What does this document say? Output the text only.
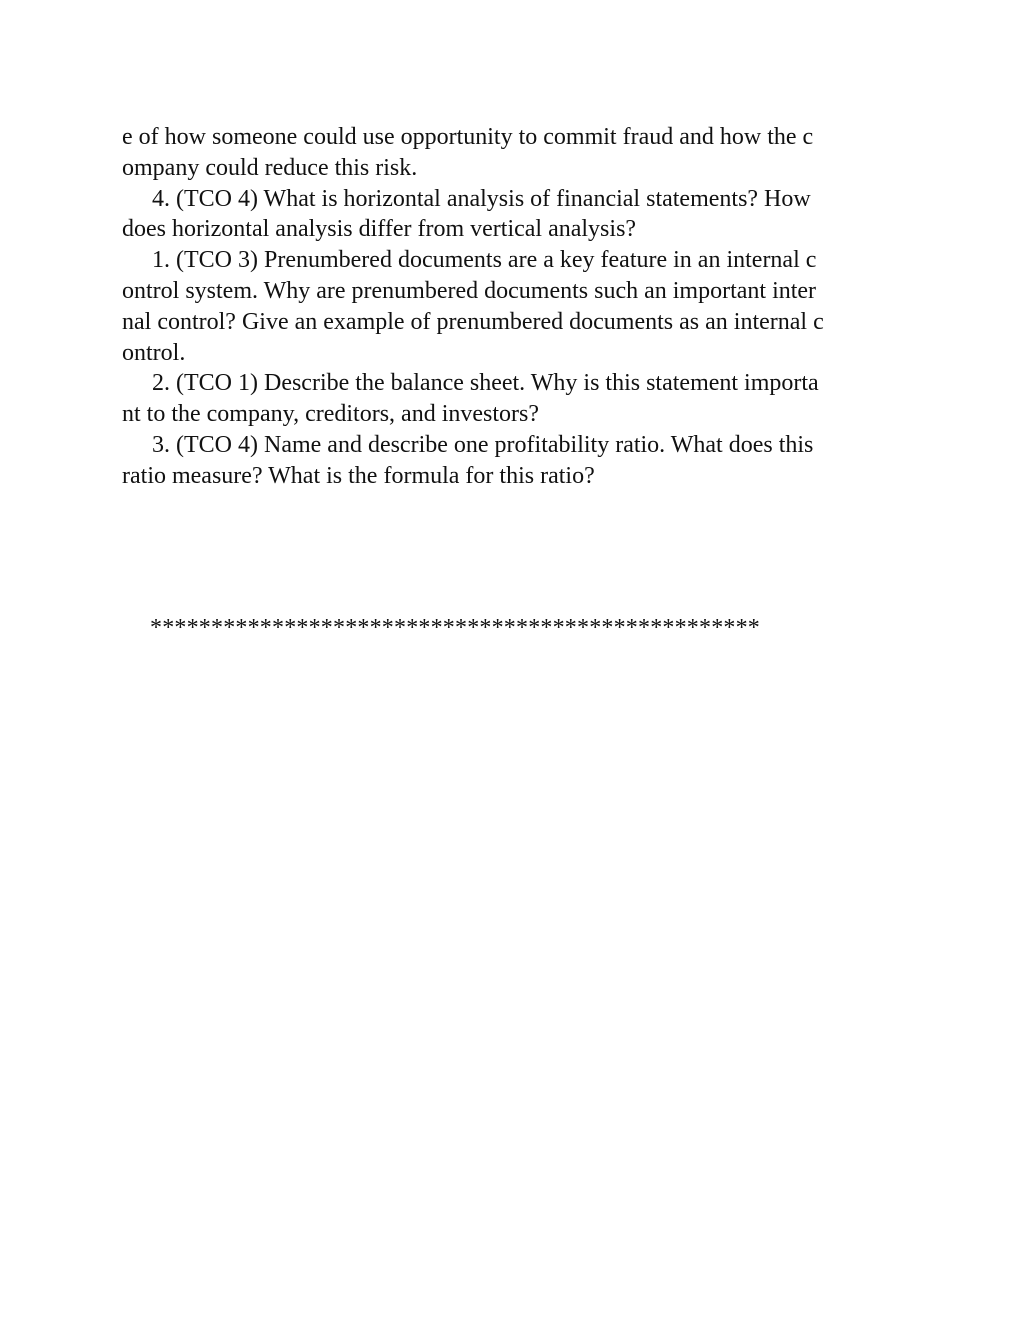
e of how someone could use opportunity to commit fraud and how the c
ompany could reduce this risk.
4. (TCO 4) What is horizontal analysis of financial statements? How
does horizontal analysis differ from vertical analysis?
1. (TCO 3) Prenumbered documents are a key feature in an internal c
ontrol system. Why are prenumbered documents such an important inter
nal control? Give an example of prenumbered documents as an internal c
ontrol.
2. (TCO 1) Describe the balance sheet. Why is this statement importa
nt to the company, creditors, and investors?
3. (TCO 4) Name and describe one profitability ratio. What does this
ratio measure? What is the formula for this ratio?
**************************************************
